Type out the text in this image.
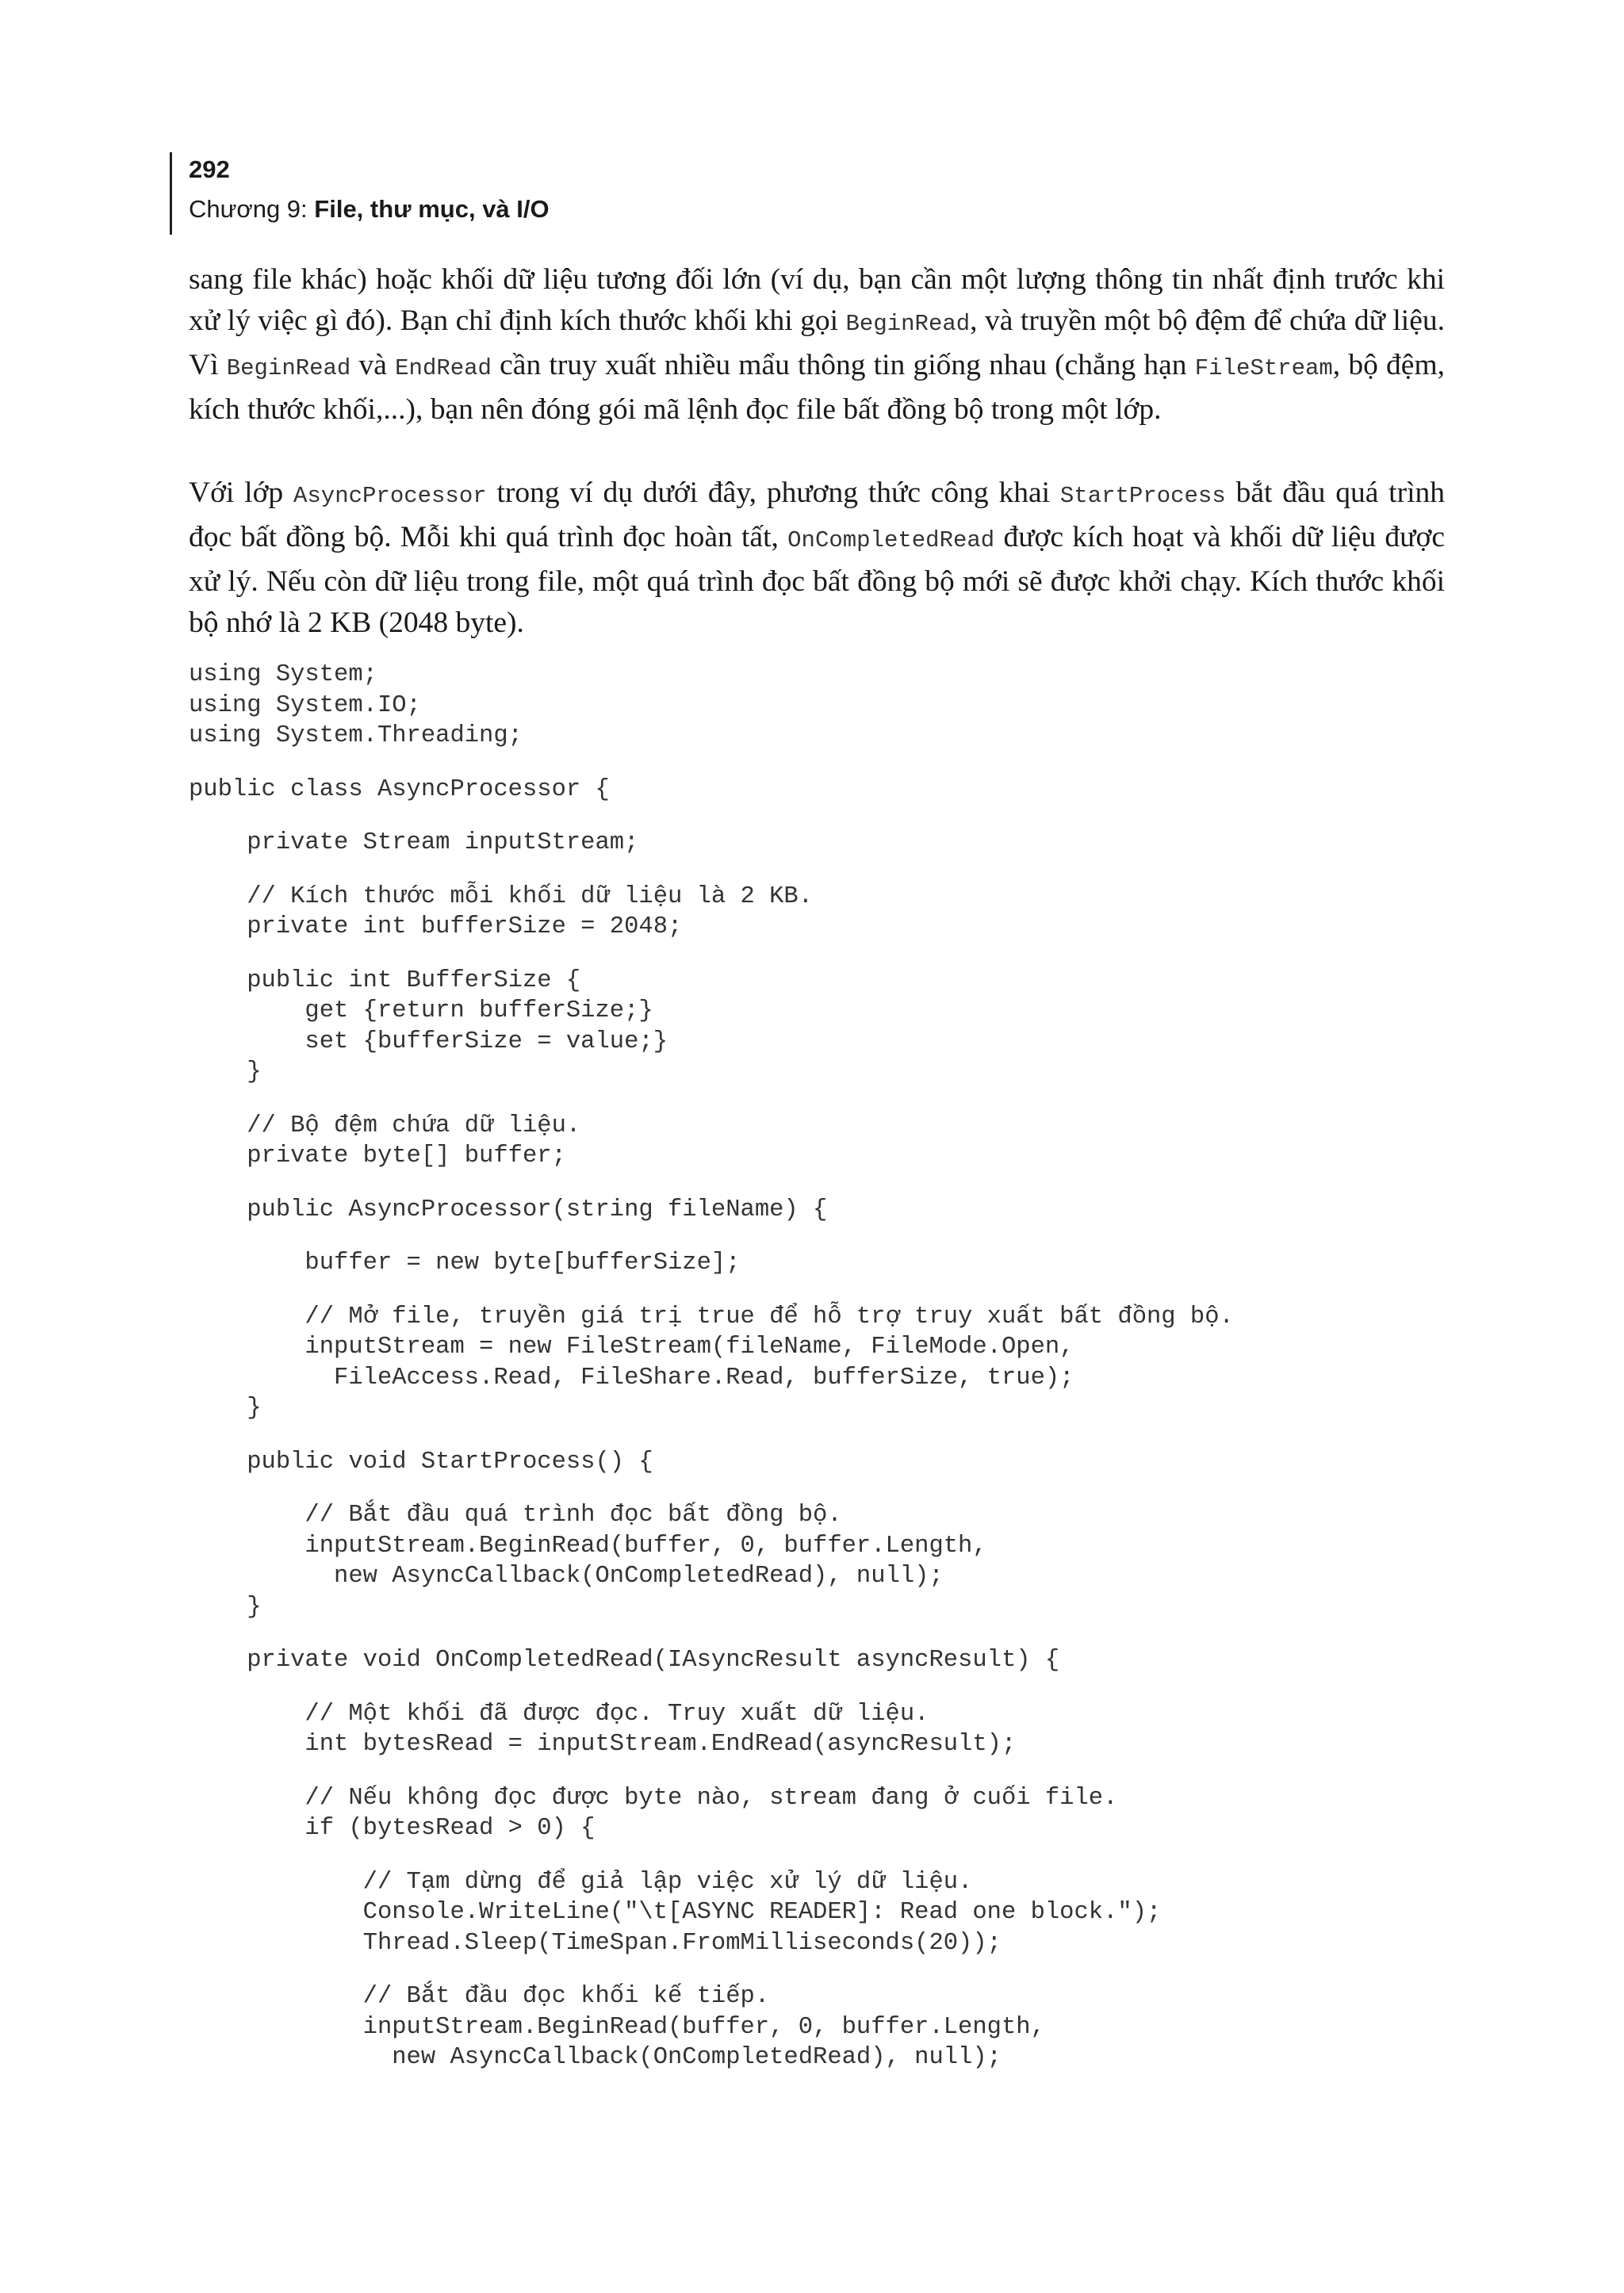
292
Chương 9: File, thư mục, và I/O

sang file khác) hoặc khối dữ liệu tương đối lớn (ví dụ, bạn cần một lượng thông tin nhất định trước khi xử lý việc gì đó). Bạn chỉ định kích thước khối khi gọi BeginRead, và truyền một bộ đệm để chứa dữ liệu. Vì BeginRead và EndRead cần truy xuất nhiều mẩu thông tin giống nhau (chẳng hạn FileStream, bộ đệm, kích thước khối,...), bạn nên đóng gói mã lệnh đọc file bất đồng bộ trong một lớp.

Với lớp AsyncProcessor trong ví dụ dưới đây, phương thức công khai StartProcess bắt đầu quá trình đọc bất đồng bộ. Mỗi khi quá trình đọc hoàn tất, OnCompletedRead được kích hoạt và khối dữ liệu được xử lý. Nếu còn dữ liệu trong file, một quá trình đọc bất đồng bộ mới sẽ được khởi chạy. Kích thước khối bộ nhớ là 2 KB (2048 byte).

using System;
using System.IO;
using System.Threading;
public class AsyncProcessor {
private Stream inputStream;
// Kích thước mỗi khối dữ liệu là 2 KB.
private int bufferSize = 2048;
public int BufferSize {
get {return bufferSize;}
set {bufferSize = value;}
}
// Bộ đệm chứa dữ liệu.
private byte[] buffer;
public AsyncProcessor(string fileName) {
buffer = new byte[bufferSize];
// Mở file, truyền giá trị true để hỗ trợ truy xuất bất đồng bộ.
inputStream = new FileStream(fileName, FileMode.Open,
FileAccess.Read, FileShare.Read, bufferSize, true);
}
public void StartProcess() {
// Bắt đầu quá trình đọc bất đồng bộ.
inputStream.BeginRead(buffer, 0, buffer.Length,
new AsyncCallback(OnCompletedRead), null);
}
private void OnCompletedRead(IAsyncResult asyncResult) {
// Một khối đã được đọc. Truy xuất dữ liệu.
int bytesRead = inputStream.EndRead(asyncResult);
// Nếu không đọc được byte nào, stream đang ở cuối file.
if (bytesRead > 0) {
// Tạm dừng để giả lập việc xử lý dữ liệu.
Console.WriteLine("\t[ASYNC READER]: Read one block.");
Thread.Sleep(TimeSpan.FromMilliseconds(20));
// Bắt đầu đọc khối kế tiếp.
inputStream.BeginRead(buffer, 0, buffer.Length,
new AsyncCallback(OnCompletedRead), null);
